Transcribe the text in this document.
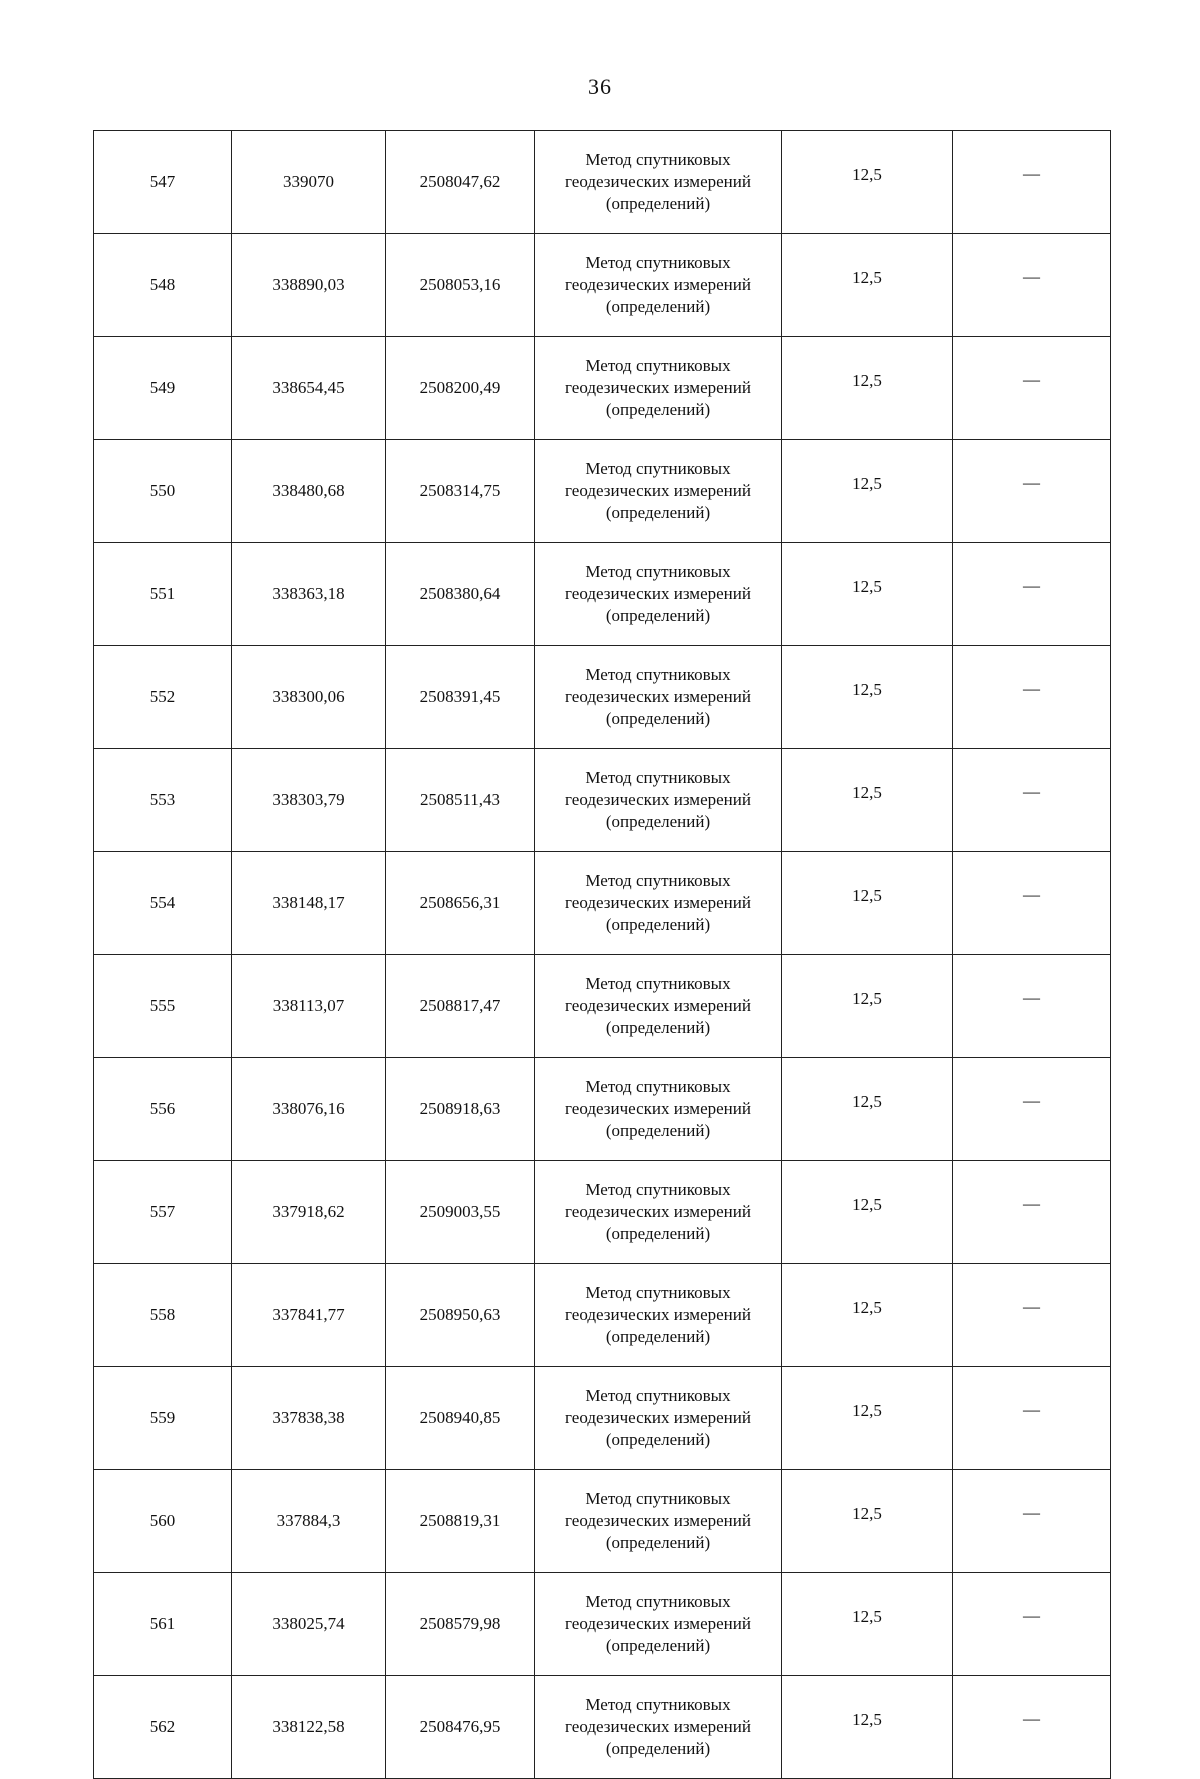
36
547	339070	2508047,62	Метод спутниковых
геодезических измерений
(определений)	12,5	—
548	338890,03	2508053,16	Метод спутниковых
геодезических измерений
(определений)	12,5	—
549	338654,45	2508200,49	Метод спутниковых
геодезических измерений
(определений)	12,5	—
550	338480,68	2508314,75	Метод спутниковых
геодезических измерений
(определений)	12,5	—
551	338363,18	2508380,64	Метод спутниковых
геодезических измерений
(определений)	12,5	—
552	338300,06	2508391,45	Метод спутниковых
геодезических измерений
(определений)	12,5	—
553	338303,79	2508511,43	Метод спутниковых
геодезических измерений
(определений)	12,5	—
554	338148,17	2508656,31	Метод спутниковых
геодезических измерений
(определений)	12,5	—
555	338113,07	2508817,47	Метод спутниковых
геодезических измерений
(определений)	12,5	—
556	338076,16	2508918,63	Метод спутниковых
геодезических измерений
(определений)	12,5	—
557	337918,62	2509003,55	Метод спутниковых
геодезических измерений
(определений)	12,5	—
558	337841,77	2508950,63	Метод спутниковых
геодезических измерений
(определений)	12,5	—
559	337838,38	2508940,85	Метод спутниковых
геодезических измерений
(определений)	12,5	—
560	337884,3	2508819,31	Метод спутниковых
геодезических измерений
(определений)	12,5	—
561	338025,74	2508579,98	Метод спутниковых
геодезических измерений
(определений)	12,5	—
562	338122,58	2508476,95	Метод спутниковых
геодезических измерений
(определений)	12,5	—
